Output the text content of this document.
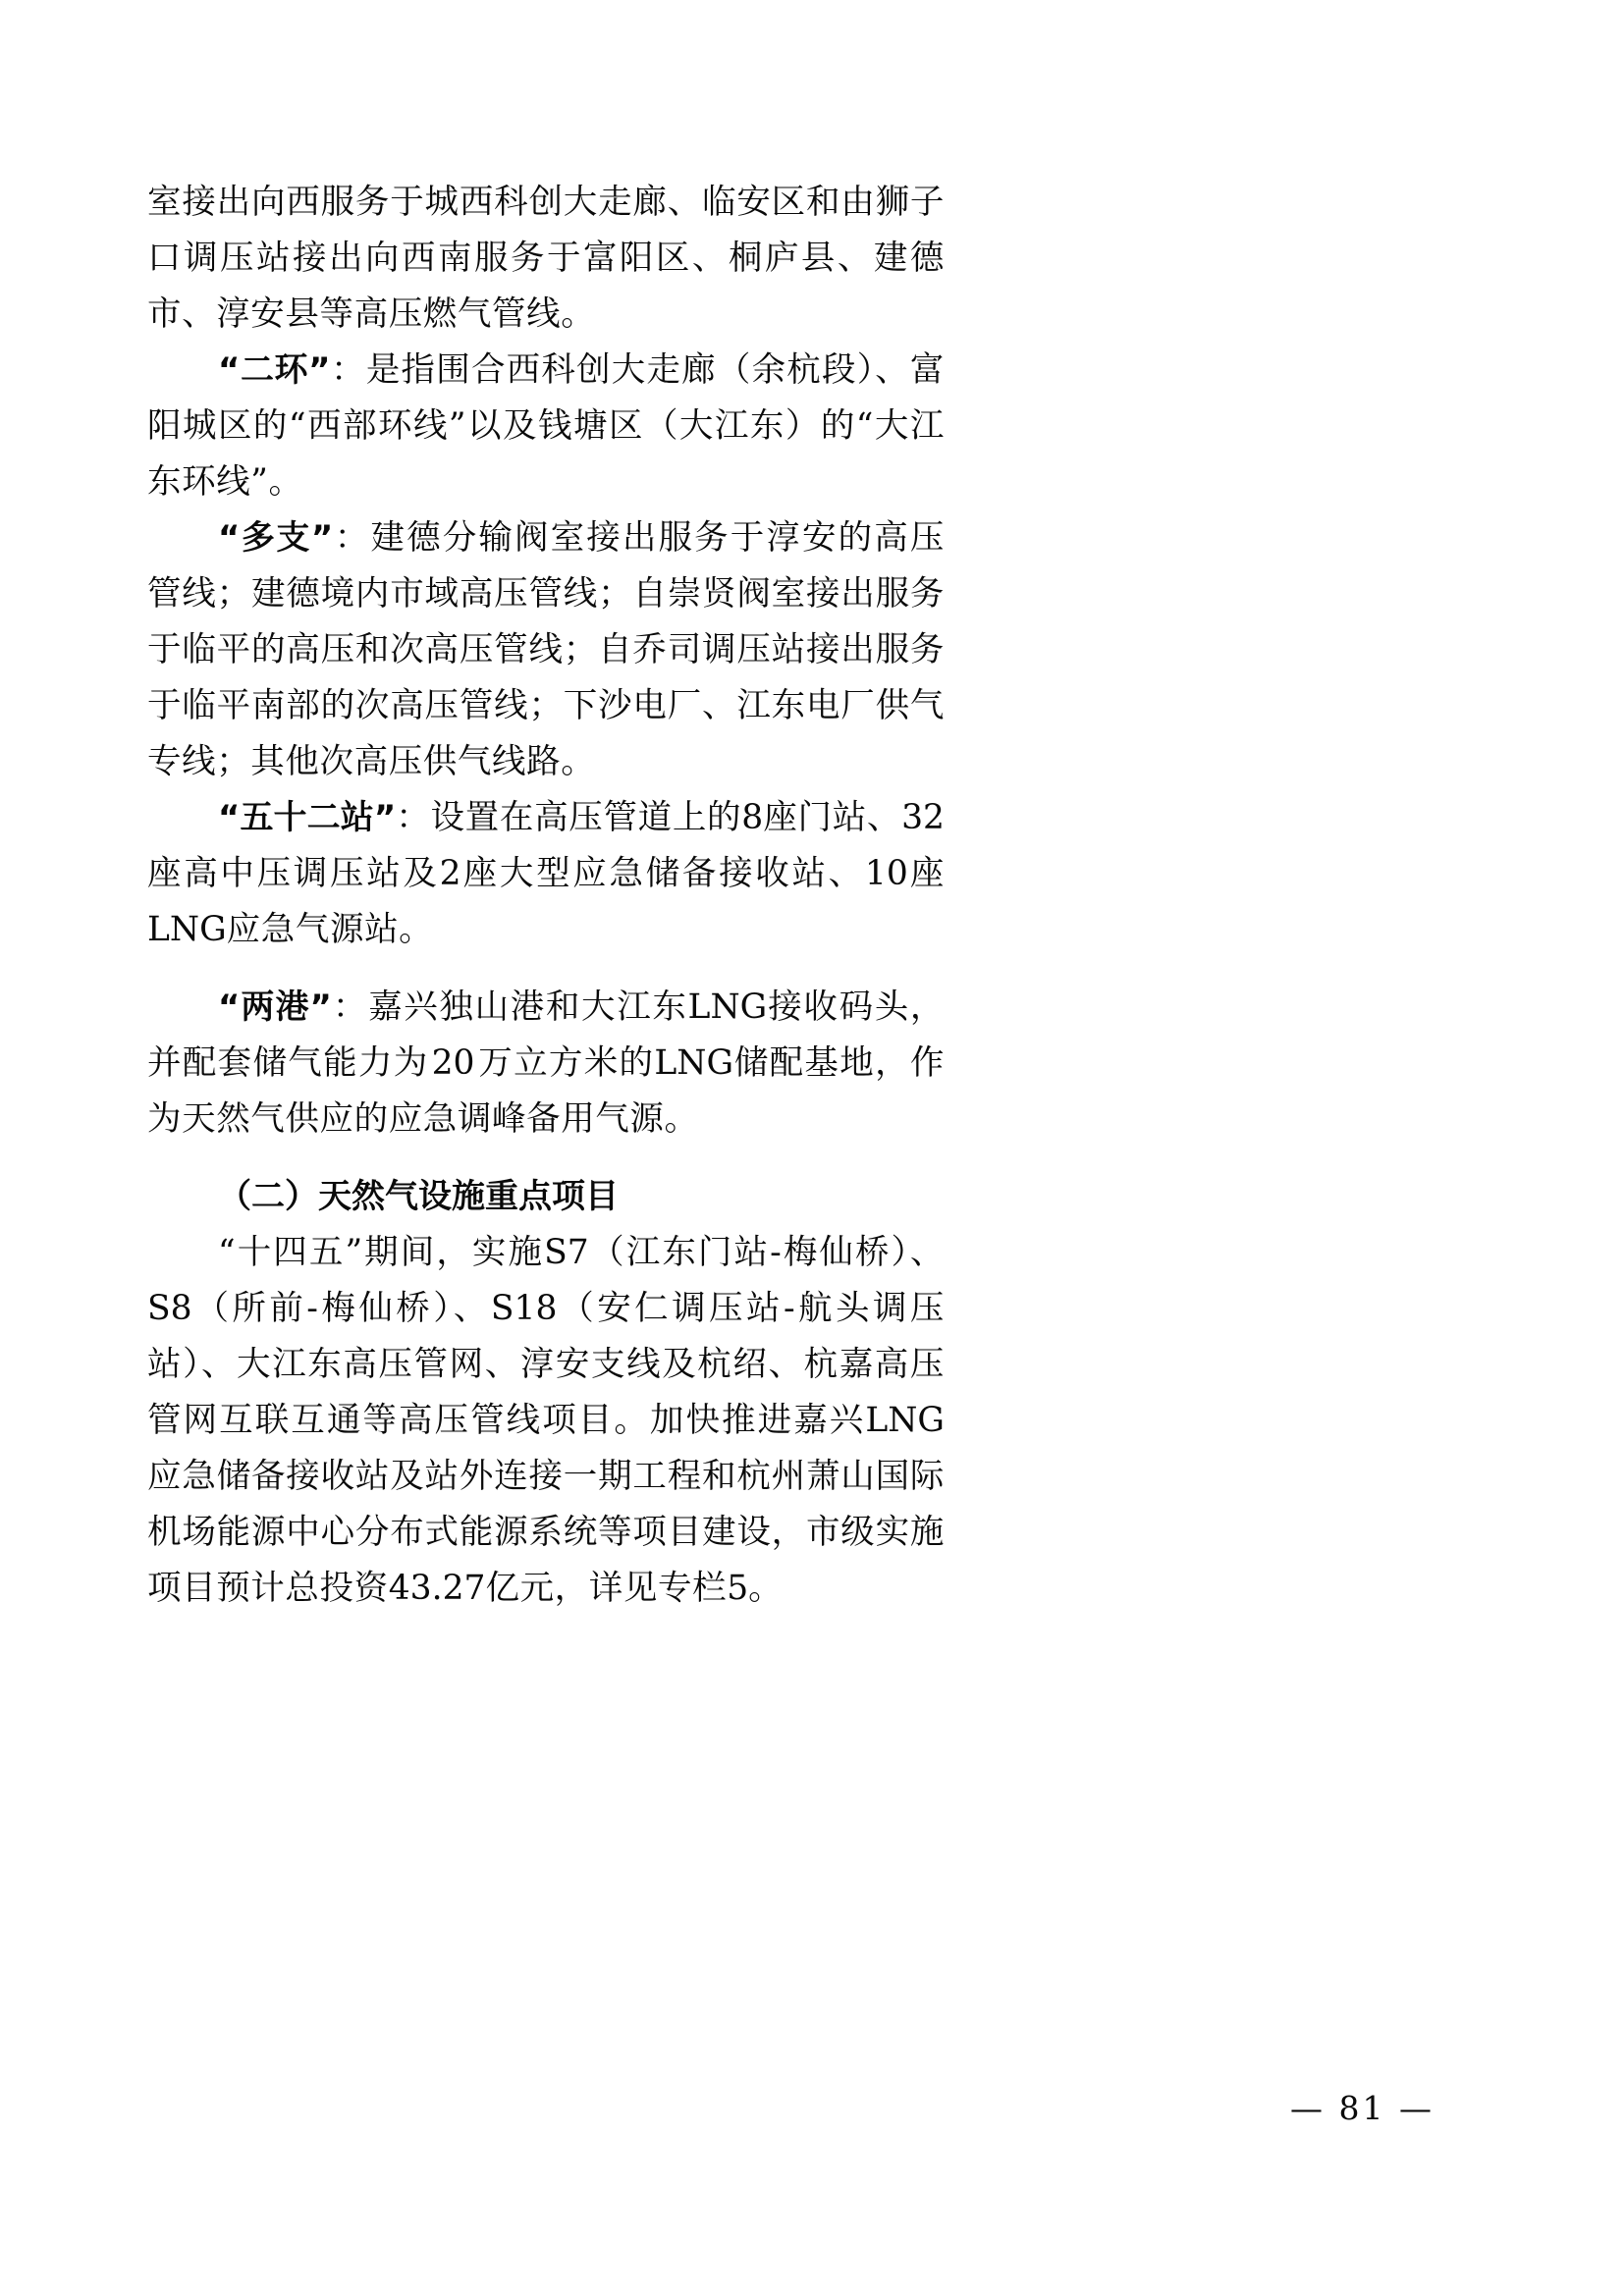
室接出向西服务于城西科创大走廊、临安区和由狮子口调压站接出向西南服务于富阳区、桐庐县、建德市、淳安县等高压燃气管线。

“二环”：是指围合西科创大走廊（余杭段）、富阳城区的“西部环线”以及钱塘区（大江东）的“大江东环线”。

“多支”：建德分输阀室接出服务于淳安的高压管线；建德境内市域高压管线；自崇贤阀室接出服务于临平的高压和次高压管线；自乔司调压站接出服务于临平南部的次高压管线；下沙电厂、江东电厂供气专线；其他次高压供气线路。

“五十二站”：设置在高压管道上的8座门站、32座高中压调压站及2座大型应急储备接收站、10座LNG应急气源站。

“两港”：嘉兴独山港和大江东LNG接收码头，并配套储气能力为20万立方米的LNG储配基地，作为天然气供应的应急调峰备用气源。

（二）天然气设施重点项目

“十四五”期间，实施S7（江东门站-梅仙桥）、S8（所前-梅仙桥）、S18（安仁调压站-航头调压站）、大江东高压管网、淳安支线及杭绍、杭嘉高压管网互联互通等高压管线项目。加快推进嘉兴LNG应急储备接收站及站外连接一期工程和杭州萧山国际机场能源中心分布式能源系统等项目建设，市级实施项目预计总投资43.27亿元，详见专栏5。

— 81 —
